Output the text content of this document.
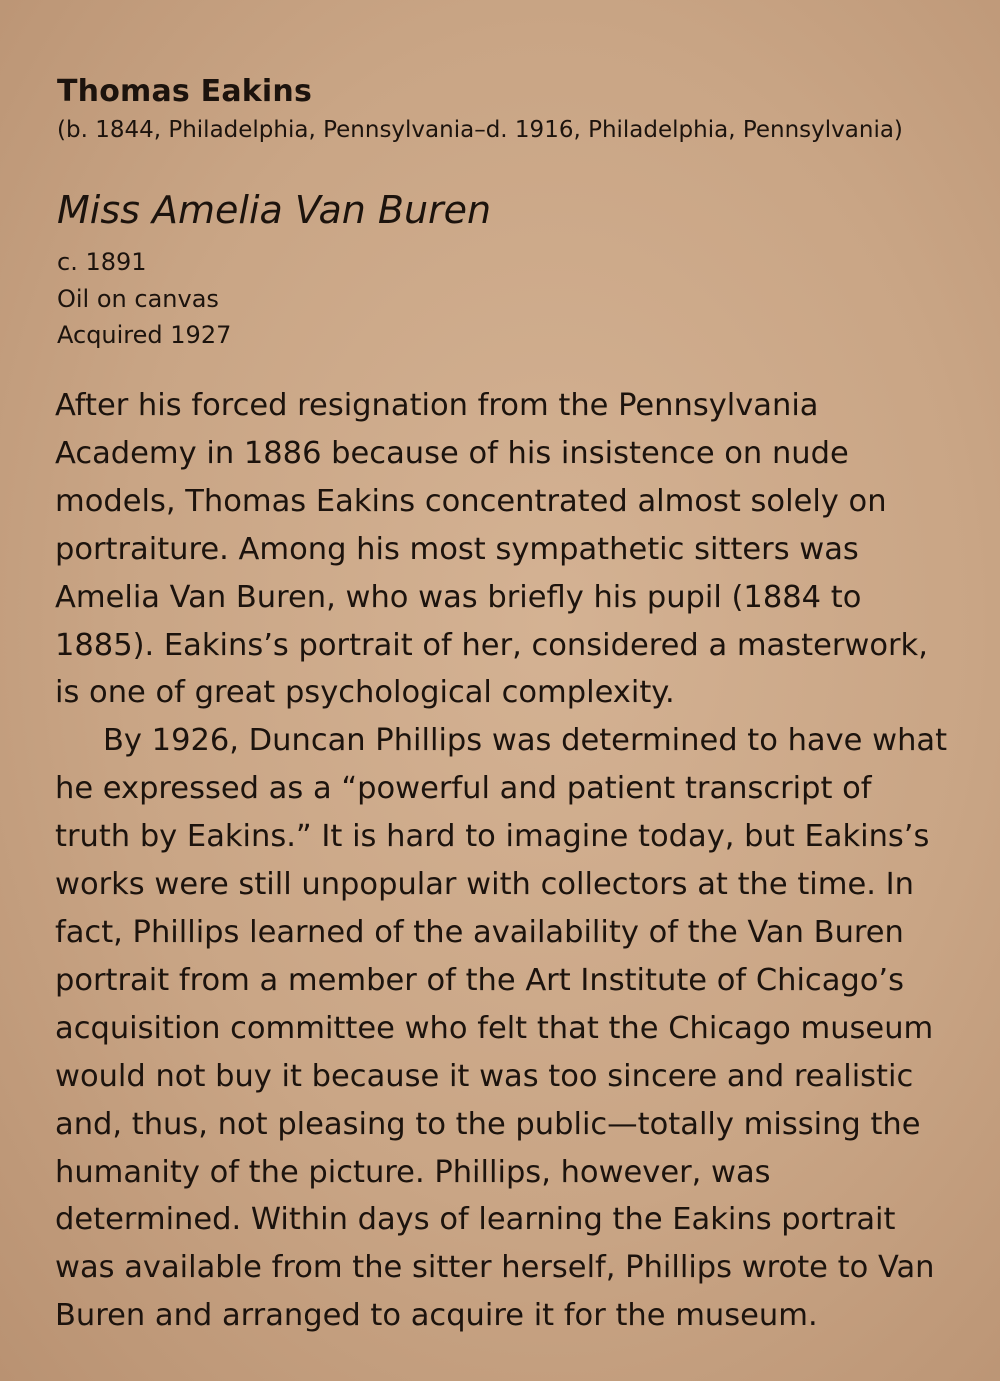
Thomas Eakins
(b. 1844, Philadelphia, Pennsylvania–d. 1916, Philadelphia, Pennsylvania)
Miss Amelia Van Buren
c. 1891
Oil on canvas
Acquired 1927

After his forced resignation from the Pennsylvania Academy in 1886 because of his insistence on nude models, Thomas Eakins concentrated almost solely on portraiture. Among his most sympathetic sitters was Amelia Van Buren, who was briefly his pupil (1884 to 1885). Eakins’s portrait of her, considered a masterwork, is one of great psychological complexity.

By 1926, Duncan Phillips was determined to have what he expressed as a “powerful and patient transcript of truth by Eakins.” It is hard to imagine today, but Eakins’s works were still unpopular with collectors at the time. In fact, Phillips learned of the availability of the Van Buren portrait from a member of the Art Institute of Chicago’s acquisition committee who felt that the Chicago museum would not buy it because it was too sincere and realistic and, thus, not pleasing to the public—totally missing the humanity of the picture. Phillips, however, was determined. Within days of learning the Eakins portrait was available from the sitter herself, Phillips wrote to Van Buren and arranged to acquire it for the museum.
